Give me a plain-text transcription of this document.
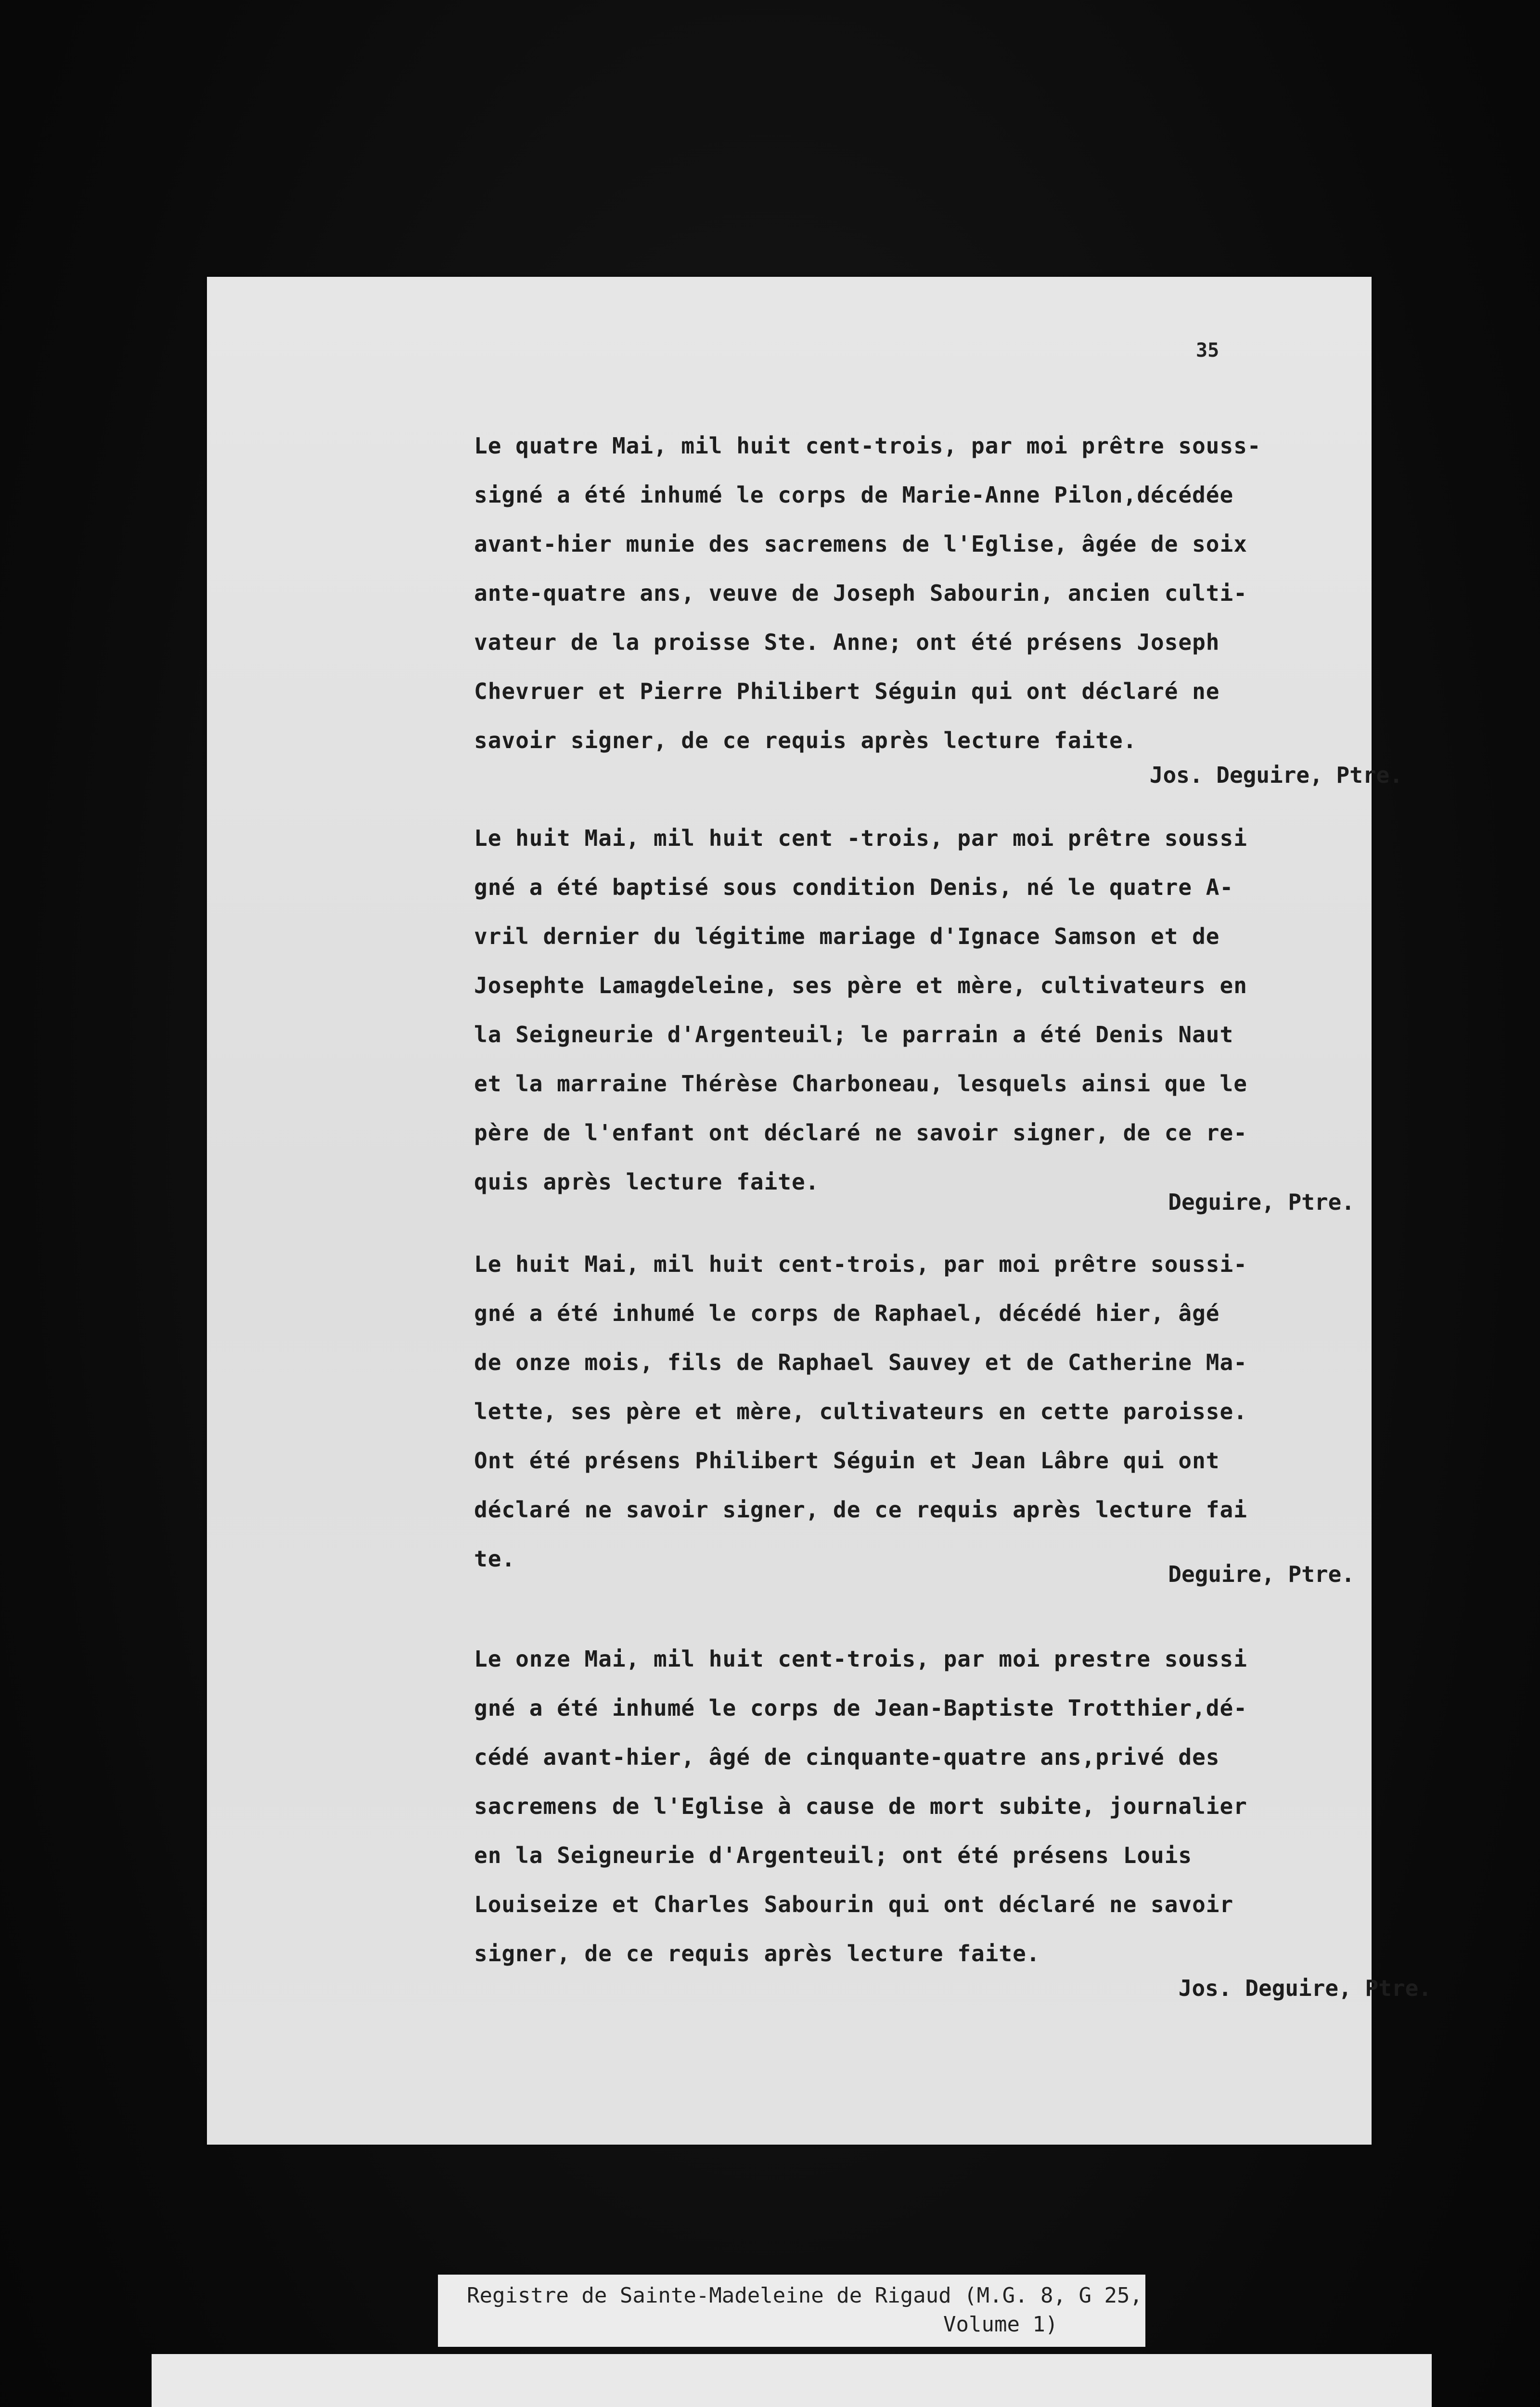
35
Le quatre Mai, mil huit cent-trois, par moi prêtre souss-
signé a été inhumé le corps de Marie-Anne Pilon,décédée
avant-hier munie des sacremens de l'Eglise, âgée de soix
ante-quatre ans, veuve de Joseph Sabourin, ancien culti-
vateur de la proisse Ste. Anne; ont été présens Joseph
Chevruer et Pierre Philibert Séguin qui ont déclaré ne
savoir signer, de ce requis après lecture faite.
Jos. Deguire, Ptre.
Le huit Mai, mil huit cent -trois, par moi prêtre soussi
gné a été baptisé sous condition Denis, né le quatre A-
vril dernier du légitime mariage d'Ignace Samson et de
Josephte Lamagdeleine, ses père et mère, cultivateurs en
la Seigneurie d'Argenteuil; le parrain a été Denis Naut
et la marraine Thérèse Charboneau, lesquels ainsi que le
père de l'enfant ont déclaré ne savoir signer, de ce re-
quis après lecture faite.
Deguire, Ptre.
Le huit Mai, mil huit cent-trois, par moi prêtre soussi-
gné a été inhumé le corps de Raphael, décédé hier, âgé
de onze mois, fils de Raphael Sauvey et de Catherine Ma-
lette, ses père et mère, cultivateurs en cette paroisse.
Ont été présens Philibert Séguin et Jean Lâbre qui ont
déclaré ne savoir signer, de ce requis après lecture fai
te.
Deguire, Ptre.
Le onze Mai, mil huit cent-trois, par moi prestre soussi
gné a été inhumé le corps de Jean-Baptiste Trotthier,dé-
cédé avant-hier, âgé de cinquante-quatre ans,privé des
sacremens de l'Eglise à cause de mort subite, journalier
en la Seigneurie d'Argenteuil; ont été présens Louis
Louiseize et Charles Sabourin qui ont déclaré ne savoir
signer, de ce requis après lecture faite.
Jos. Deguire, Ptre.
Registre de Sainte-Madeleine de Rigaud (M.G. 8, G 25,
Volume 1)
